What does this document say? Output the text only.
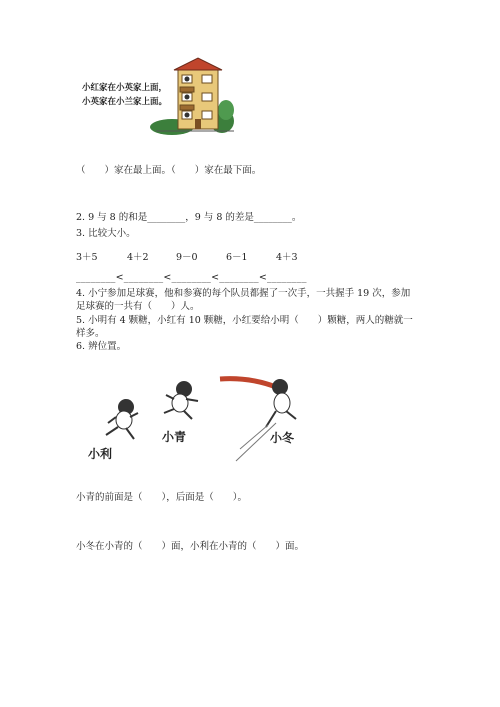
小红家在小英家上面，
小英家在小兰家上面。
（　　）家在最上面。（　　）家在最下面。
2. 9 与 8 的和是________，9 与 8 的差是________。
3. 比较大小。
3＋5	4＋2	9－0	6－1	4＋3
________<________<________<________<________
4. 小宁参加足球赛，他和参赛的每个队员都握了一次手，一共握手 19 次，参加
足球赛的一共有（　　）人。
5. 小明有 4 颗糖，小红有 10 颗糖，小红要给小明（　　）颗糖，两人的糖就一
样多。
6. 辨位置。
小利
小青	小冬
小青的前面是（　　），后面是（　　）。
小冬在小青的（　　）面，小利在小青的（　　）面。
